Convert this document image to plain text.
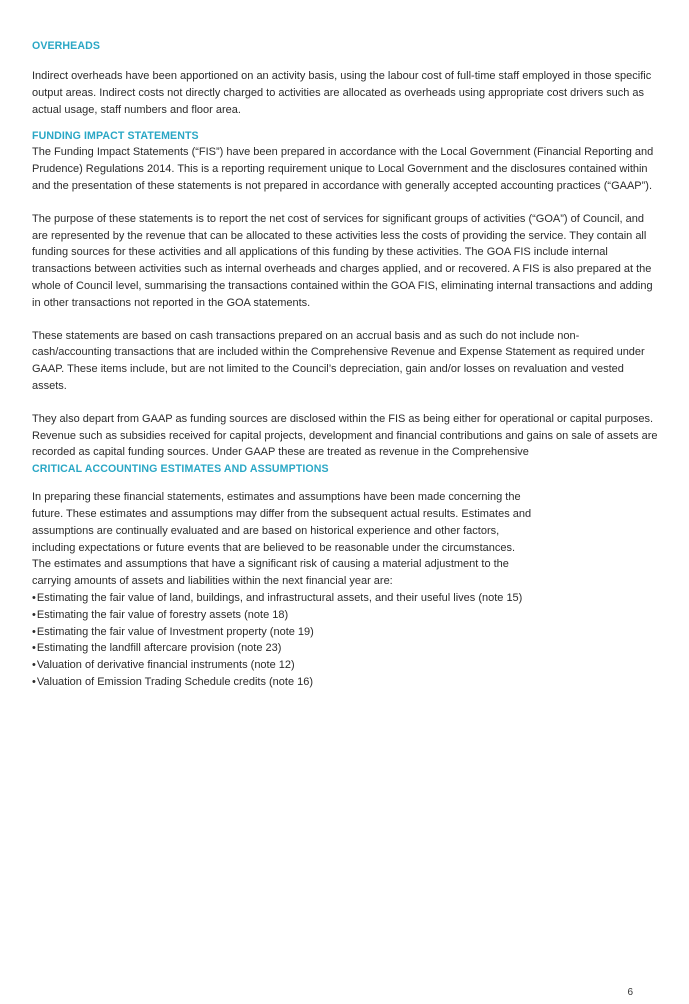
OVERHEADS

Indirect overheads have been apportioned on an activity basis, using the labour cost of full-time staff employed in those specific output areas. Indirect costs not directly charged to activities are allocated as overheads using appropriate cost drivers such as actual usage, staff numbers and floor area.

FUNDING IMPACT STATEMENTS

The Funding Impact Statements (“FIS”) have been prepared in accordance with the Local Government (Financial Reporting and Prudence) Regulations 2014. This is a reporting requirement unique to Local Government and the disclosures contained within and the presentation of these statements is not prepared in accordance with generally accepted accounting practices (“GAAP”).

The purpose of these statements is to report the net cost of services for significant groups of activities (“GOA”) of Council, and are represented by the revenue that can be allocated to these activities less the costs of providing the service. They contain all funding sources for these activities and all applications of this funding by these activities. The GOA FIS include internal transactions between activities such as internal overheads and charges applied, and or recovered. A FIS is also prepared at the whole of Council level, summarising the transactions contained within the GOA FIS, eliminating internal transactions and adding in other transactions not reported in the GOA statements.

These statements are based on cash transactions prepared on an accrual basis and as such do not include non-cash/accounting transactions that are included within the Comprehensive Revenue and Expense Statement as required under GAAP. These items include, but are not limited to the Council’s depreciation, gain and/or losses on revaluation and vested assets.

They also depart from GAAP as funding sources are disclosed within the FIS as being either for operational or capital purposes. Revenue such as subsidies received for capital projects, development and financial contributions and gains on sale of assets are recorded as capital funding sources. Under GAAP these are treated as revenue in the Comprehensive

CRITICAL ACCOUNTING ESTIMATES AND ASSUMPTIONS

In preparing these financial statements, estimates and assumptions have been made concerning the future. These estimates and assumptions may differ from the subsequent actual results. Estimates and assumptions are continually evaluated and are based on historical experience and other factors, including expectations or future events that are believed to be reasonable under the circumstances.

The estimates and assumptions that have a significant risk of causing a material adjustment to the carrying amounts of assets and liabilities within the next financial year are:

• Estimating the fair value of land, buildings, and infrastructural assets, and their useful lives (note 15)
• Estimating the fair value of forestry assets (note 18)
• Estimating the fair value of Investment property (note 19)
• Estimating the landfill aftercare provision (note 23)
• Valuation of derivative financial instruments (note 12)
• Valuation of Emission Trading Schedule credits (note 16)
6
